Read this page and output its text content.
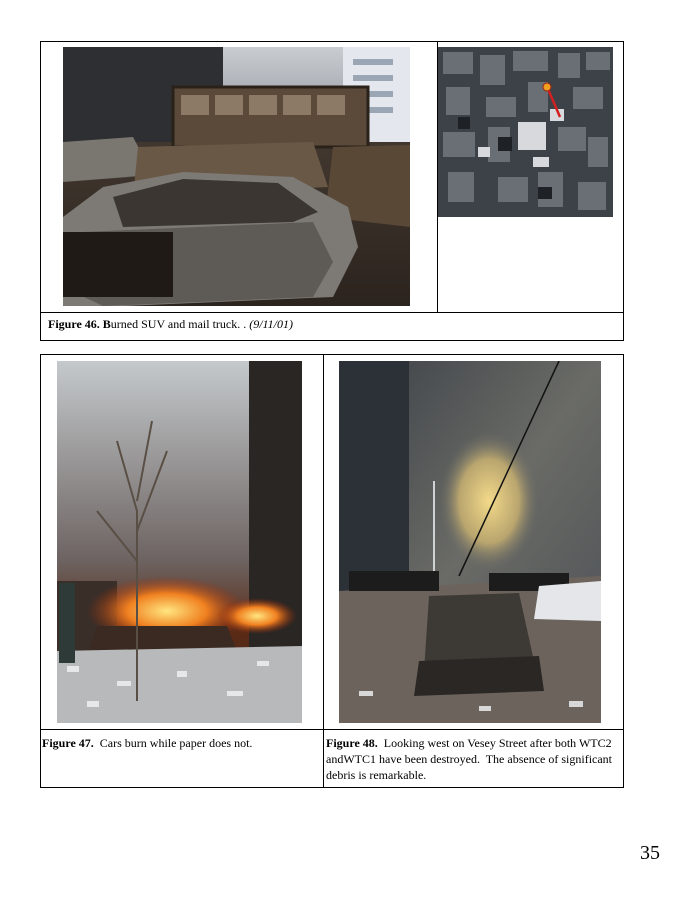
Figure 46. Burned SUV and mail truck. . (9/11/01)
Figure 47.  Cars burn while paper does not.	Figure 48.  Looking west on Vesey Street after both WTC2 andWTC1 have been destroyed.  The absence of significant debris is remarkable.
35
